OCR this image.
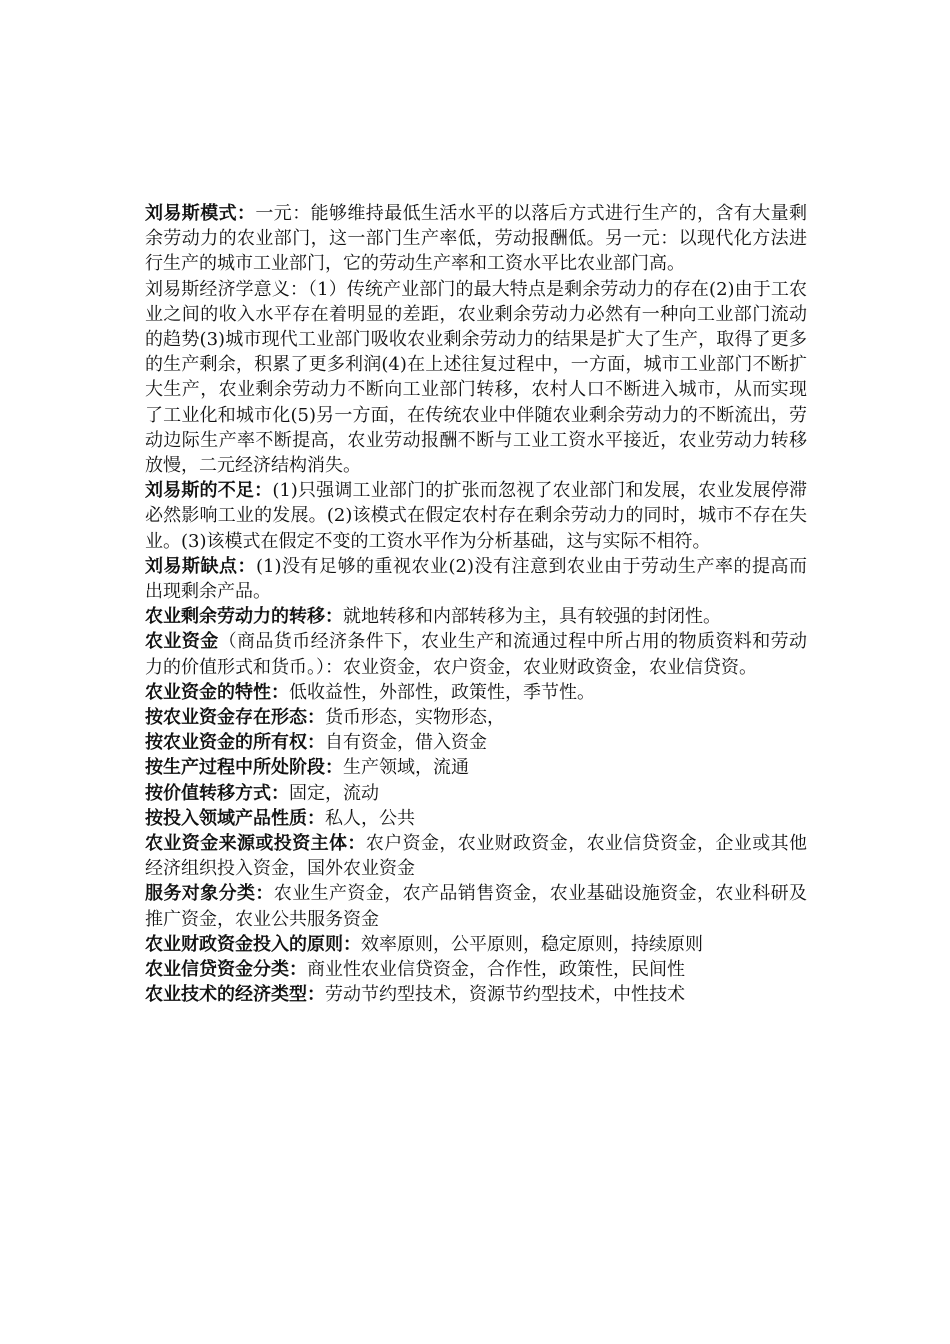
刘易斯模式：一元：能够维持最低生活水平的以落后方式进行生产的，含有大量剩余劳动力的农业部门，这一部门生产率低，劳动报酬低。另一元：以现代化方法进行生产的城市工业部门，它的劳动生产率和工资水平比农业部门高。

刘易斯经济学意义：（1）传统产业部门的最大特点是剩余劳动力的存在(2)由于工农业之间的收入水平存在着明显的差距，农业剩余劳动力必然有一种向工业部门流动的趋势(3)城市现代工业部门吸收农业剩余劳动力的结果是扩大了生产，取得了更多的生产剩余，积累了更多利润(4)在上述往复过程中，一方面，城市工业部门不断扩大生产，农业剩余劳动力不断向工业部门转移，农村人口不断进入城市，从而实现了工业化和城市化(5)另一方面，在传统农业中伴随农业剩余劳动力的不断流出，劳动边际生产率不断提高，农业劳动报酬不断与工业工资水平接近，农业劳动力转移放慢，二元经济结构消失。

刘易斯的不足：(1)只强调工业部门的扩张而忽视了农业部门和发展，农业发展停滞必然影响工业的发展。(2)该模式在假定农村存在剩余劳动力的同时，城市不存在失业。(3)该模式在假定不变的工资水平作为分析基础，这与实际不相符。

刘易斯缺点：(1)没有足够的重视农业(2)没有注意到农业由于劳动生产率的提高而出现剩余产品。

农业剩余劳动力的转移：就地转移和内部转移为主，具有较强的封闭性。

农业资金（商品货币经济条件下，农业生产和流通过程中所占用的物质资料和劳动力的价值形式和货币。）：农业资金，农户资金，农业财政资金，农业信贷资。

农业资金的特性：低收益性，外部性，政策性，季节性。

按农业资金存在形态：货币形态，实物形态，

按农业资金的所有权：自有资金，借入资金

按生产过程中所处阶段：生产领域，流通

按价值转移方式：固定，流动

按投入领域产品性质：私人，公共

农业资金来源或投资主体：农户资金，农业财政资金，农业信贷资金，企业或其他经济组织投入资金，国外农业资金

服务对象分类：农业生产资金，农产品销售资金，农业基础设施资金，农业科研及推广资金，农业公共服务资金

农业财政资金投入的原则：效率原则，公平原则，稳定原则，持续原则

农业信贷资金分类：商业性农业信贷资金，合作性，政策性，民间性

农业技术的经济类型：劳动节约型技术，资源节约型技术，中性技术
